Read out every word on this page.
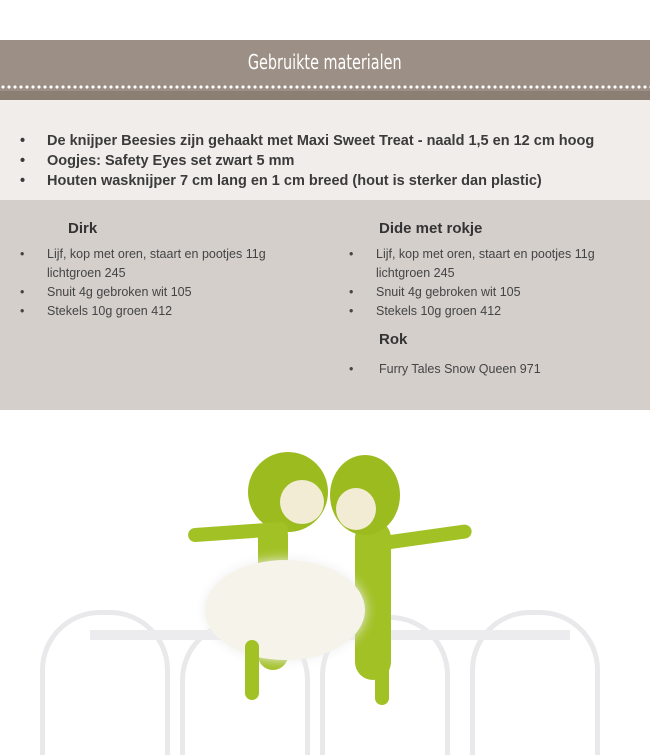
Gebruikte materialen
• De knijper Beesies zijn gehaakt met Maxi Sweet Treat - naald 1,5 en 12 cm hoog
• Oogjes: Safety Eyes set zwart 5 mm
• Houten wasknijper 7 cm lang en 1 cm breed (hout is sterker dan plastic)
Dirk
• Lijf, kop met oren, staart en pootjes 11g lichtgroen 245
• Snuit 4g gebroken wit 105
• Stekels 10g groen 412
Dide met rokje
• Lijf, kop met oren, staart en pootjes 11g lichtgroen 245
• Snuit 4g gebroken wit 105
• Stekels 10g groen 412
Rok
• Furry Tales Snow Queen 971
